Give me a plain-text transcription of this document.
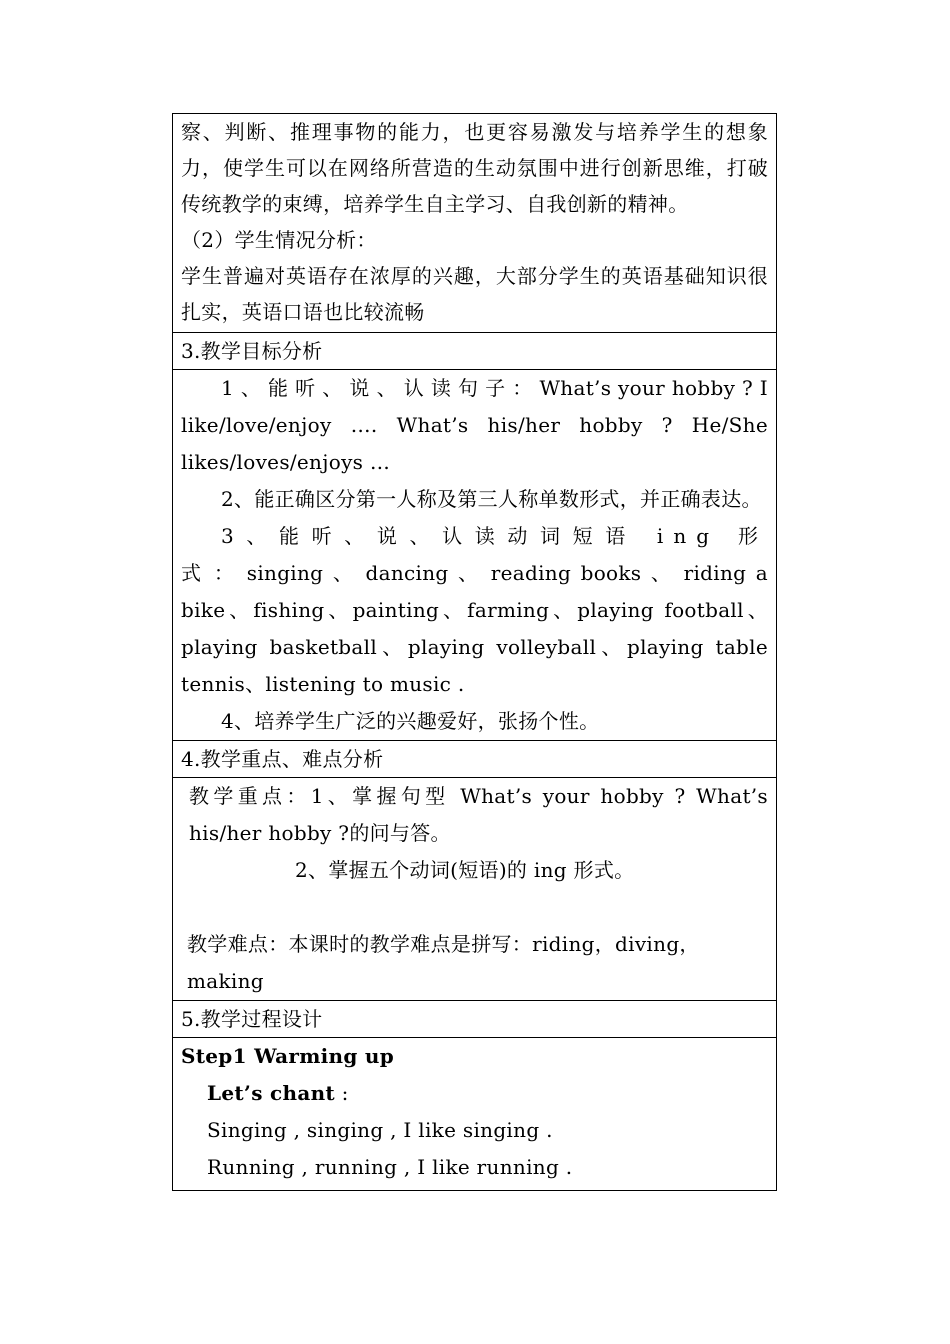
察、判断、推理事物的能力，也更容易激发与培养学生的想象力，使学生可以在网络所营造的生动氛围中进行创新思维，打破传统教学的束缚，培养学生自主学习、自我创新的精神。
（2）学生情况分析：
学生普遍对英语存在浓厚的兴趣，大部分学生的英语基础知识很扎实，英语口语也比较流畅

3.教学目标分析

1、能听、说、认读句子：What’s your hobby ? I like/love/enjoy …. What’s his/her hobby ? He/She likes/loves/enjoys …
2、能正确区分第一人称及第三人称单数形式，并正确表达。
3、能听、说、认读动词短语 ing 形式：singing 、 dancing 、 reading books 、 riding a bike、fishing、painting、farming、playing football、playing basketball、playing volleyball、playing table tennis、listening to music .
4、培养学生广泛的兴趣爱好，张扬个性。

4.教学重点、难点分析

教学重点：1、掌握句型 What’s your hobby ? What’s his/her hobby ?的问与答。
2、掌握五个动词(短语)的 ing 形式。
教学难点：本课时的教学难点是拼写：riding，diving，making

5.教学过程设计

Step1 Warming up
Let’s chant :
Singing , singing , I like singing .
Running , running , I like running .
